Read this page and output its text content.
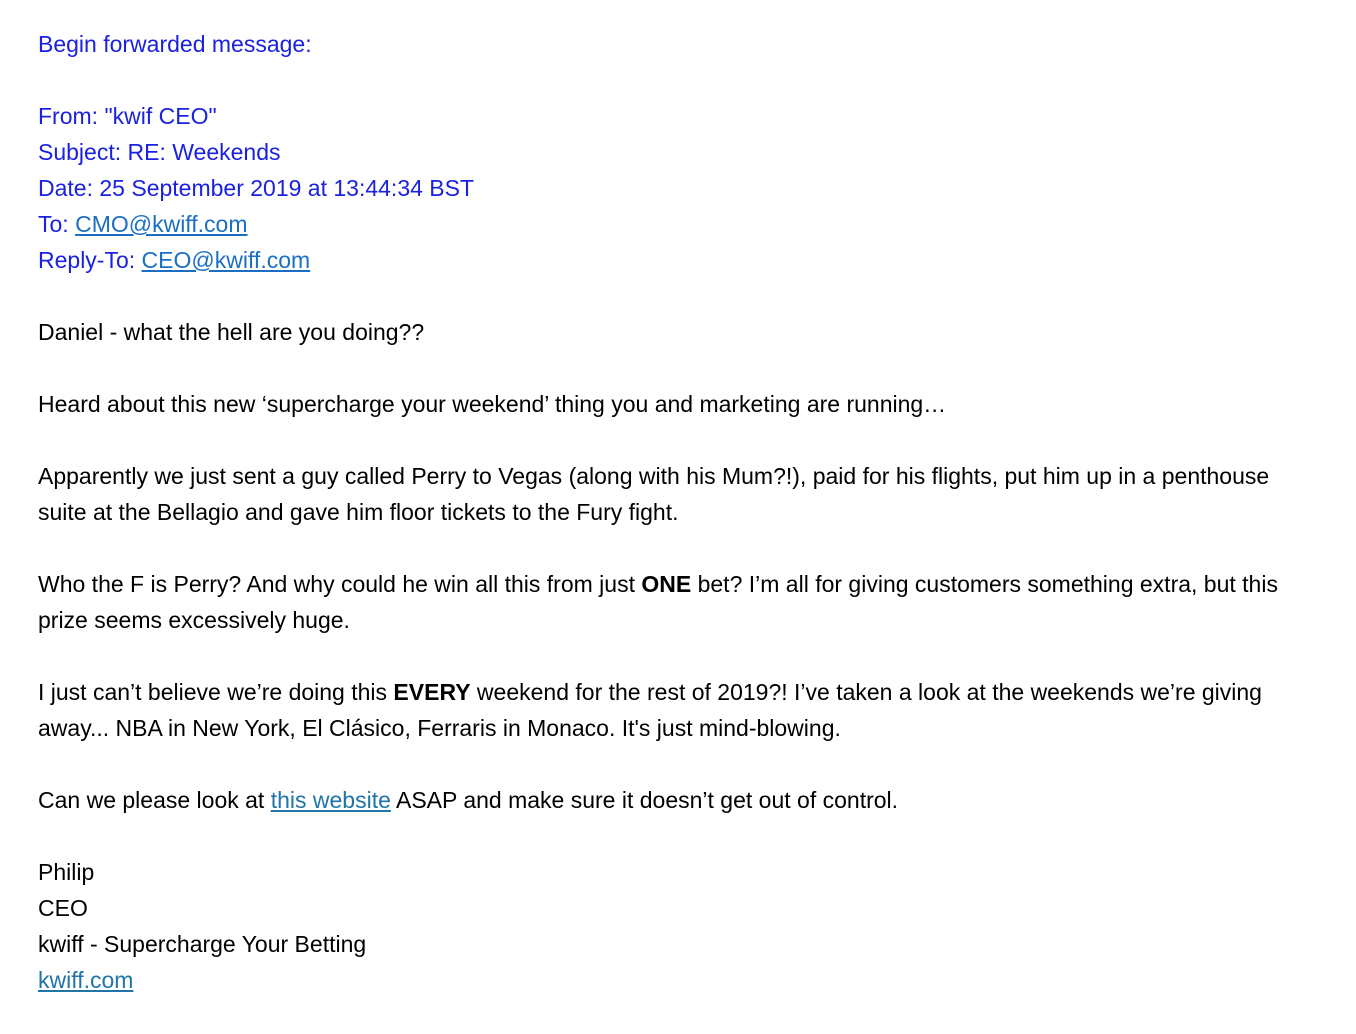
Begin forwarded message:
From: "kwif CEO"
Subject: RE: Weekends
Date: 25 September 2019 at 13:44:34 BST
To: CMO@kwiff.com
Reply-To: CEO@kwiff.com

Daniel - what the hell are you doing??

Heard about this new ‘supercharge your weekend’ thing you and marketing are running…

Apparently we just sent a guy called Perry to Vegas (along with his Mum?!), paid for his flights, put him up in a penthouse suite at the Bellagio and gave him floor tickets to the Fury fight.

Who the F is Perry? And why could he win all this from just ONE bet? I’m all for giving customers something extra, but this prize seems excessively huge.

I just can’t believe we’re doing this EVERY weekend for the rest of 2019?! I’ve taken a look at the weekends we’re giving away... NBA in New York, El Clásico, Ferraris in Monaco. It's just mind-blowing.

Can we please look at this website ASAP and make sure it doesn’t get out of control.

Philip
CEO
kwiff - Supercharge Your Betting
kwiff.com
